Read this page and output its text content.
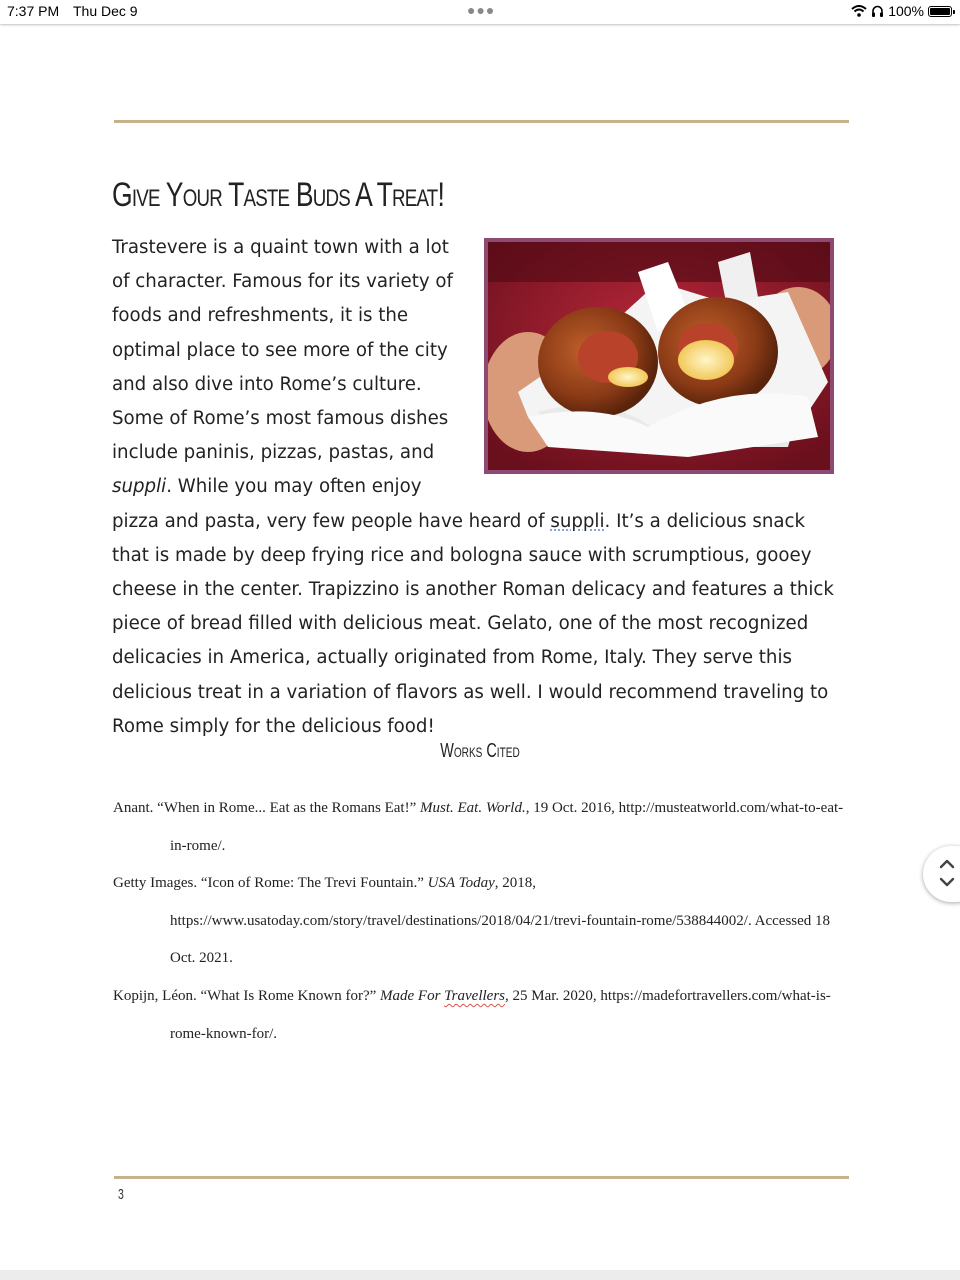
7:37 PM Thu Dec 9	●●●	100%
Give Your Taste Buds A Treat!
Trastevere is a quaint town with a lot of character. Famous for its variety of foods and refreshments, it is the optimal place to see more of the city and also dive into Rome’s culture. Some of Rome’s most famous dishes include paninis, pizzas, pastas, and suppli. While you may often enjoy pizza and pasta, very few people have heard of suppli. It’s a delicious snack that is made by deep frying rice and bologna sauce with scrumptious, gooey cheese in the center. Trapizzino is another Roman delicacy and features a thick piece of bread filled with delicious meat. Gelato, one of the most recognized delicacies in America, actually originated from Rome, Italy. They serve this delicious treat in a variation of flavors as well. I would recommend traveling to Rome simply for the delicious food!
Works Cited
Anant. “When in Rome... Eat as the Romans Eat!” Must. Eat. World., 19 Oct. 2016, http://musteatworld.com/what-to-eat-in-rome/.
Getty Images. “Icon of Rome: The Trevi Fountain.” USA Today, 2018, https://www.usatoday.com/story/travel/destinations/2018/04/21/trevi-fountain-rome/538844002/. Accessed 18 Oct. 2021.
Kopijn, Léon. “What Is Rome Known for?” Made For Travellers, 25 Mar. 2020, https://madefortravellers.com/what-is-rome-known-for/.
3
